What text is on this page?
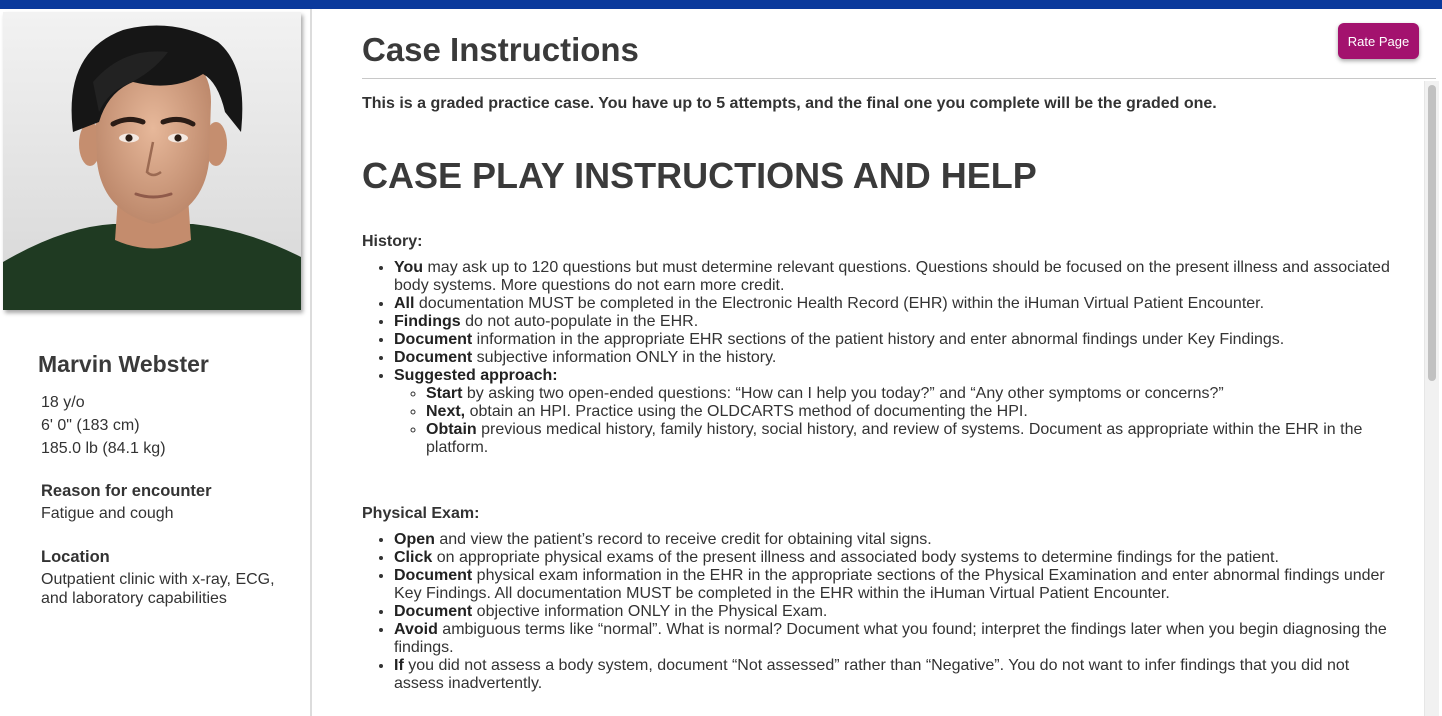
Marvin Webster
18 y/o
6' 0" (183 cm)
185.0 lb (84.1 kg)
Reason for encounter
Fatigue and cough
Location
Outpatient clinic with x-ray, ECG, and laboratory capabilities
Case Instructions	Rate Page

This is a graded practice case. You have up to 5 attempts, and the final one you complete will be the graded one.

CASE PLAY INSTRUCTIONS AND HELP
History:
• You may ask up to 120 questions but must determine relevant questions. Questions should be focused on the present illness and associated body systems. More questions do not earn more credit.
• All documentation MUST be completed in the Electronic Health Record (EHR) within the iHuman Virtual Patient Encounter.
• Findings do not auto-populate in the EHR.
• Document information in the appropriate EHR sections of the patient history and enter abnormal findings under Key Findings.
• Document subjective information ONLY in the history.
• Suggested approach:
◦ Start by asking two open-ended questions: “How can I help you today?” and “Any other symptoms or concerns?”
◦ Next, obtain an HPI. Practice using the OLDCARTS method of documenting the HPI.
◦ Obtain previous medical history, family history, social history, and review of systems. Document as appropriate within the EHR in the platform.
Physical Exam:
• Open and view the patient’s record to receive credit for obtaining vital signs.
• Click on appropriate physical exams of the present illness and associated body systems to determine findings for the patient.
• Document physical exam information in the EHR in the appropriate sections of the Physical Examination and enter abnormal findings under Key Findings. All documentation MUST be completed in the EHR within the iHuman Virtual Patient Encounter.
• Document objective information ONLY in the Physical Exam.
• Avoid ambiguous terms like “normal”. What is normal? Document what you found; interpret the findings later when you begin diagnosing the findings.
• If you did not assess a body system, document “Not assessed” rather than “Negative”. You do not want to infer findings that you did not assess inadvertently.
